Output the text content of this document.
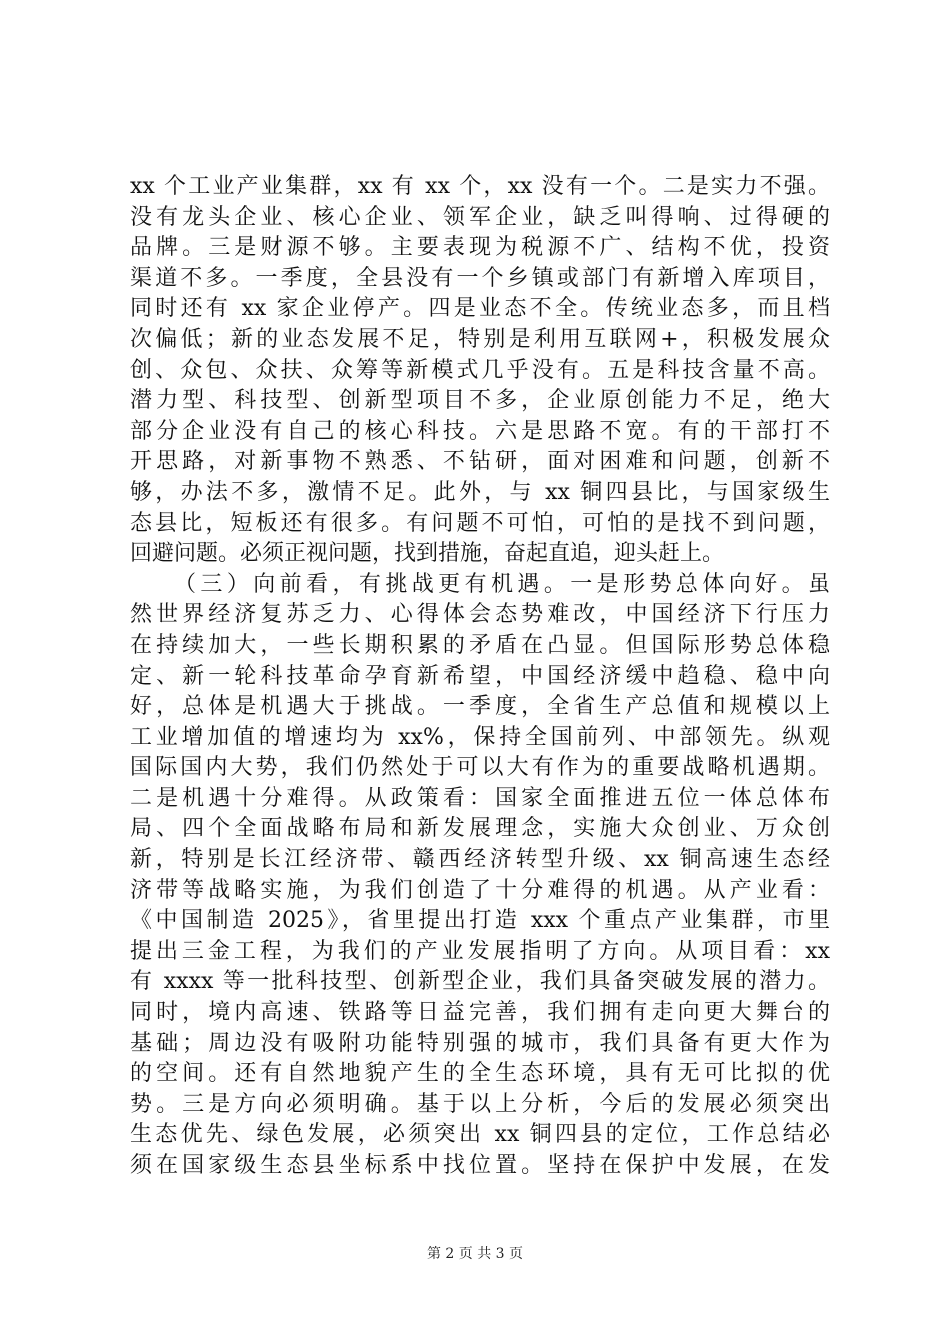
xx 个工业产业集群，xx 有 xx 个，xx 没有一个。二是实力不强。
没有龙头企业、核心企业、领军企业，缺乏叫得响、过得硬的
品牌。三是财源不够。主要表现为税源不广、结构不优，投资
渠道不多。一季度，全县没有一个乡镇或部门有新增入库项目，
同时还有 xx 家企业停产。四是业态不全。传统业态多，而且档
次偏低；新的业态发展不足，特别是利用互联网+，积极发展众
创、众包、众扶、众筹等新模式几乎没有。五是科技含量不高。
潜力型、科技型、创新型项目不多，企业原创能力不足，绝大
部分企业没有自己的核心科技。六是思路不宽。有的干部打不
开思路，对新事物不熟悉、不钻研，面对困难和问题，创新不
够，办法不多，激情不足。此外，与 xx 铜四县比，与国家级生
态县比，短板还有很多。有问题不可怕，可怕的是找不到问题，
回避问题。必须正视问题，找到措施，奋起直追，迎头赶上。
（三）向前看，有挑战更有机遇。一是形势总体向好。虽
然世界经济复苏乏力、心得体会态势难改，中国经济下行压力
在持续加大，一些长期积累的矛盾在凸显。但国际形势总体稳
定、新一轮科技革命孕育新希望，中国经济缓中趋稳、稳中向
好，总体是机遇大于挑战。一季度，全省生产总值和规模以上
工业增加值的增速均为 xx%，保持全国前列、中部领先。纵观
国际国内大势，我们仍然处于可以大有作为的重要战略机遇期。
二是机遇十分难得。从政策看：国家全面推进五位一体总体布
局、四个全面战略布局和新发展理念，实施大众创业、万众创
新，特别是长江经济带、赣西经济转型升级、xx 铜高速生态经
济带等战略实施，为我们创造了十分难得的机遇。从产业看：
《中国制造 2025》，省里提出打造 xxx 个重点产业集群，市里
提出三金工程，为我们的产业发展指明了方向。从项目看：xx
有 xxxx 等一批科技型、创新型企业，我们具备突破发展的潜力。
同时，境内高速、铁路等日益完善，我们拥有走向更大舞台的
基础；周边没有吸附功能特别强的城市，我们具备有更大作为
的空间。还有自然地貌产生的全生态环境，具有无可比拟的优
势。三是方向必须明确。基于以上分析，今后的发展必须突出
生态优先、绿色发展，必须突出 xx 铜四县的定位，工作总结必
须在国家级生态县坐标系中找位置。坚持在保护中发展，在发
第 2 页 共 3 页
